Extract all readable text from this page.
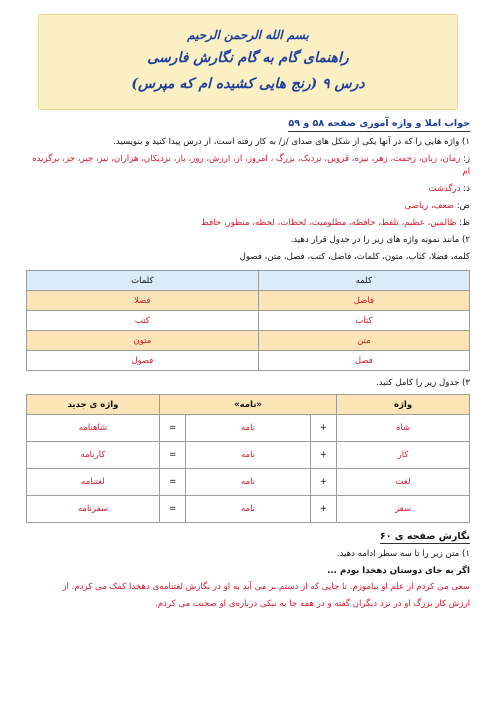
بسم الله الرحمن الرحیم
راهنمای گام به گام نگارش فارسی
درس ۹ (رنج هایی کشیده ام که مپرس)
جواب املا و واژه آموزی صفحه ۵۸ و ۵۹
۱) واژه هایی را که در آنها یکی از شکل های صدای /ز/ به کار رفته است، از درس پیدا کنید و بنویسید.
ز: زمان، زبان، زحمت، زهر، نیزه، قزوین، نزدیک، بزرگ ، امروز، از، ارزش، روز، باز، نزدیکان، هزاران، نیز، چیز، جز، برگزیده ام
ذ: درگذشت
ض: ضعف، ریاضی
ظ: ظالمین، عظیم، تلفظ، حافظه، مظلومیت، لحظات، لحظه، منظور، حافظ
۲) مانند نمونه واژه های زیر را در جدول قرار دهید.
کلمه، فضلا، کتاب، متون، کلمات، فاضل، کتب، فصل، متن، فصول
کلمه	کلمات
فاضل	فضلا
کتاب	کتب
متن	متون
فصل	فصول
۳) جدول زیر را کامل کنید.
واژه	«نامه»			واژه ی جدید
شاه	+	نامه	=	شاهنامه
کار	+	نامه	=	کارنامه
لغت	+	نامه	=	لغتنامه
سفر	+	نامه	=	سفرنامه
نگارش صفحه ی ۶۰
۱) متن زیر را تا سه سطر ادامه دهید.
اگر به جای دوستان دهخدا بودم ...
سعی می کردم از علم او بیاموزم. تا جایی که از دستم بر می آید به او در نگارش لغتنامه‌ی دهخدا کمک می کردم. از
ارزش کار بزرگ او در نزد دیگران گفته و در همه جا به نیکی درباره‌ی او صحبت می کردم.
